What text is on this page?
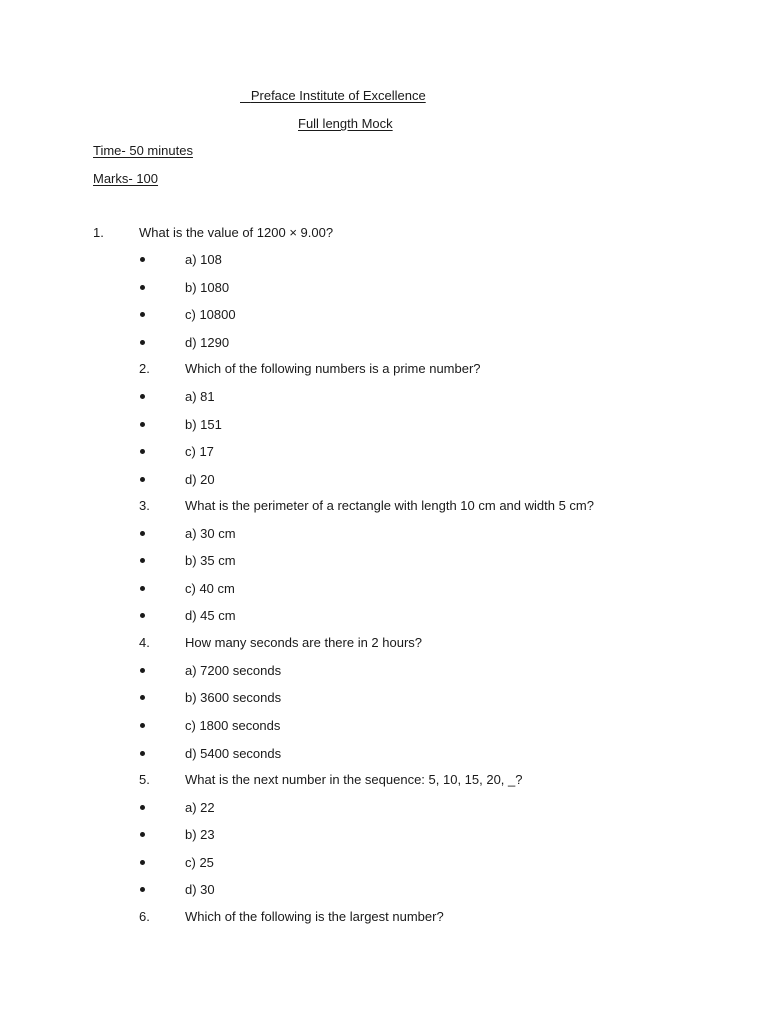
Preface Institute of Excellence
Full length Mock
Time- 50 minutes
Marks- 100
1.	What is the value of 1200 × 9.00?
a) 108
b) 1080
c) 10800
d) 1290
2.	Which of the following numbers is a prime number?
a) 81
b) 151
c) 17
d) 20
3.	What is the perimeter of a rectangle with length 10 cm and width 5 cm?
a) 30 cm
b) 35 cm
c) 40 cm
d) 45 cm
4.	How many seconds are there in 2 hours?
a) 7200 seconds
b) 3600 seconds
c) 1800 seconds
d) 5400 seconds
5.	What is the next number in the sequence: 5, 10, 15, 20, _?
a) 22
b) 23
c) 25
d) 30
6.	Which of the following is the largest number?
